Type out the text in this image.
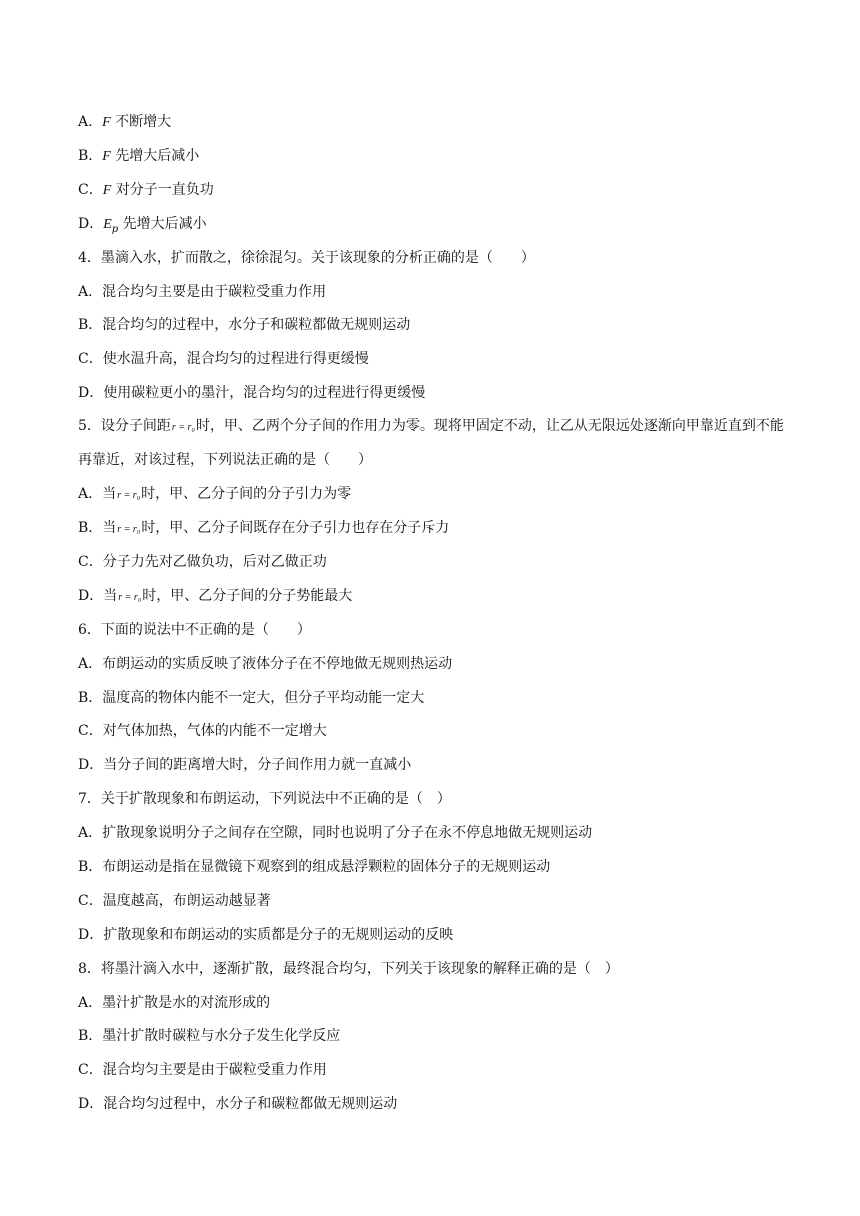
A．F 不断增大
B．F 先增大后减小
C．F 对分子一直负功
D．$E_p$ 先增大后减小
4．墨滴入水，扩而散之，徐徐混匀。关于该现象的分析正确的是（　　）
A．混合均匀主要是由于碳粒受重力作用
B．混合均匀的过程中，水分子和碳粒都做无规则运动
C．使水温升高，混合均匀的过程进行得更缓慢
D．使用碳粒更小的墨汁，混合均匀的过程进行得更缓慢
5．设分子间距r = r₀时，甲、乙两个分子间的作用力为零。现将甲固定不动，让乙从无限远处逐渐向甲靠近直到不能再靠近，对该过程，下列说法正确的是（　　）
A．当r = r₀时，甲、乙分子间的分子引力为零
B．当r = r₀时，甲、乙分子间既存在分子引力也存在分子斥力
C．分子力先对乙做负功，后对乙做正功
D．当r = r₀时，甲、乙分子间的分子势能最大
6．下面的说法中不正确的是（　　）
A．布朗运动的实质反映了液体分子在不停地做无规则热运动
B．温度高的物体内能不一定大，但分子平均动能一定大
C．对气体加热，气体的内能不一定增大
D．当分子间的距离增大时，分子间作用力就一直减小
7．关于扩散现象和布朗运动，下列说法中不正确的是（　）
A．扩散现象说明分子之间存在空隙，同时也说明了分子在永不停息地做无规则运动
B．布朗运动是指在显微镜下观察到的组成悬浮颗粒的固体分子的无规则运动
C．温度越高，布朗运动越显著
D．扩散现象和布朗运动的实质都是分子的无规则运动的反映
8．将墨汁滴入水中，逐渐扩散，最终混合均匀，下列关于该现象的解释正确的是（　）
A．墨汁扩散是水的对流形成的
B．墨汁扩散时碳粒与水分子发生化学反应
C．混合均匀主要是由于碳粒受重力作用
D．混合均匀过程中，水分子和碳粒都做无规则运动
